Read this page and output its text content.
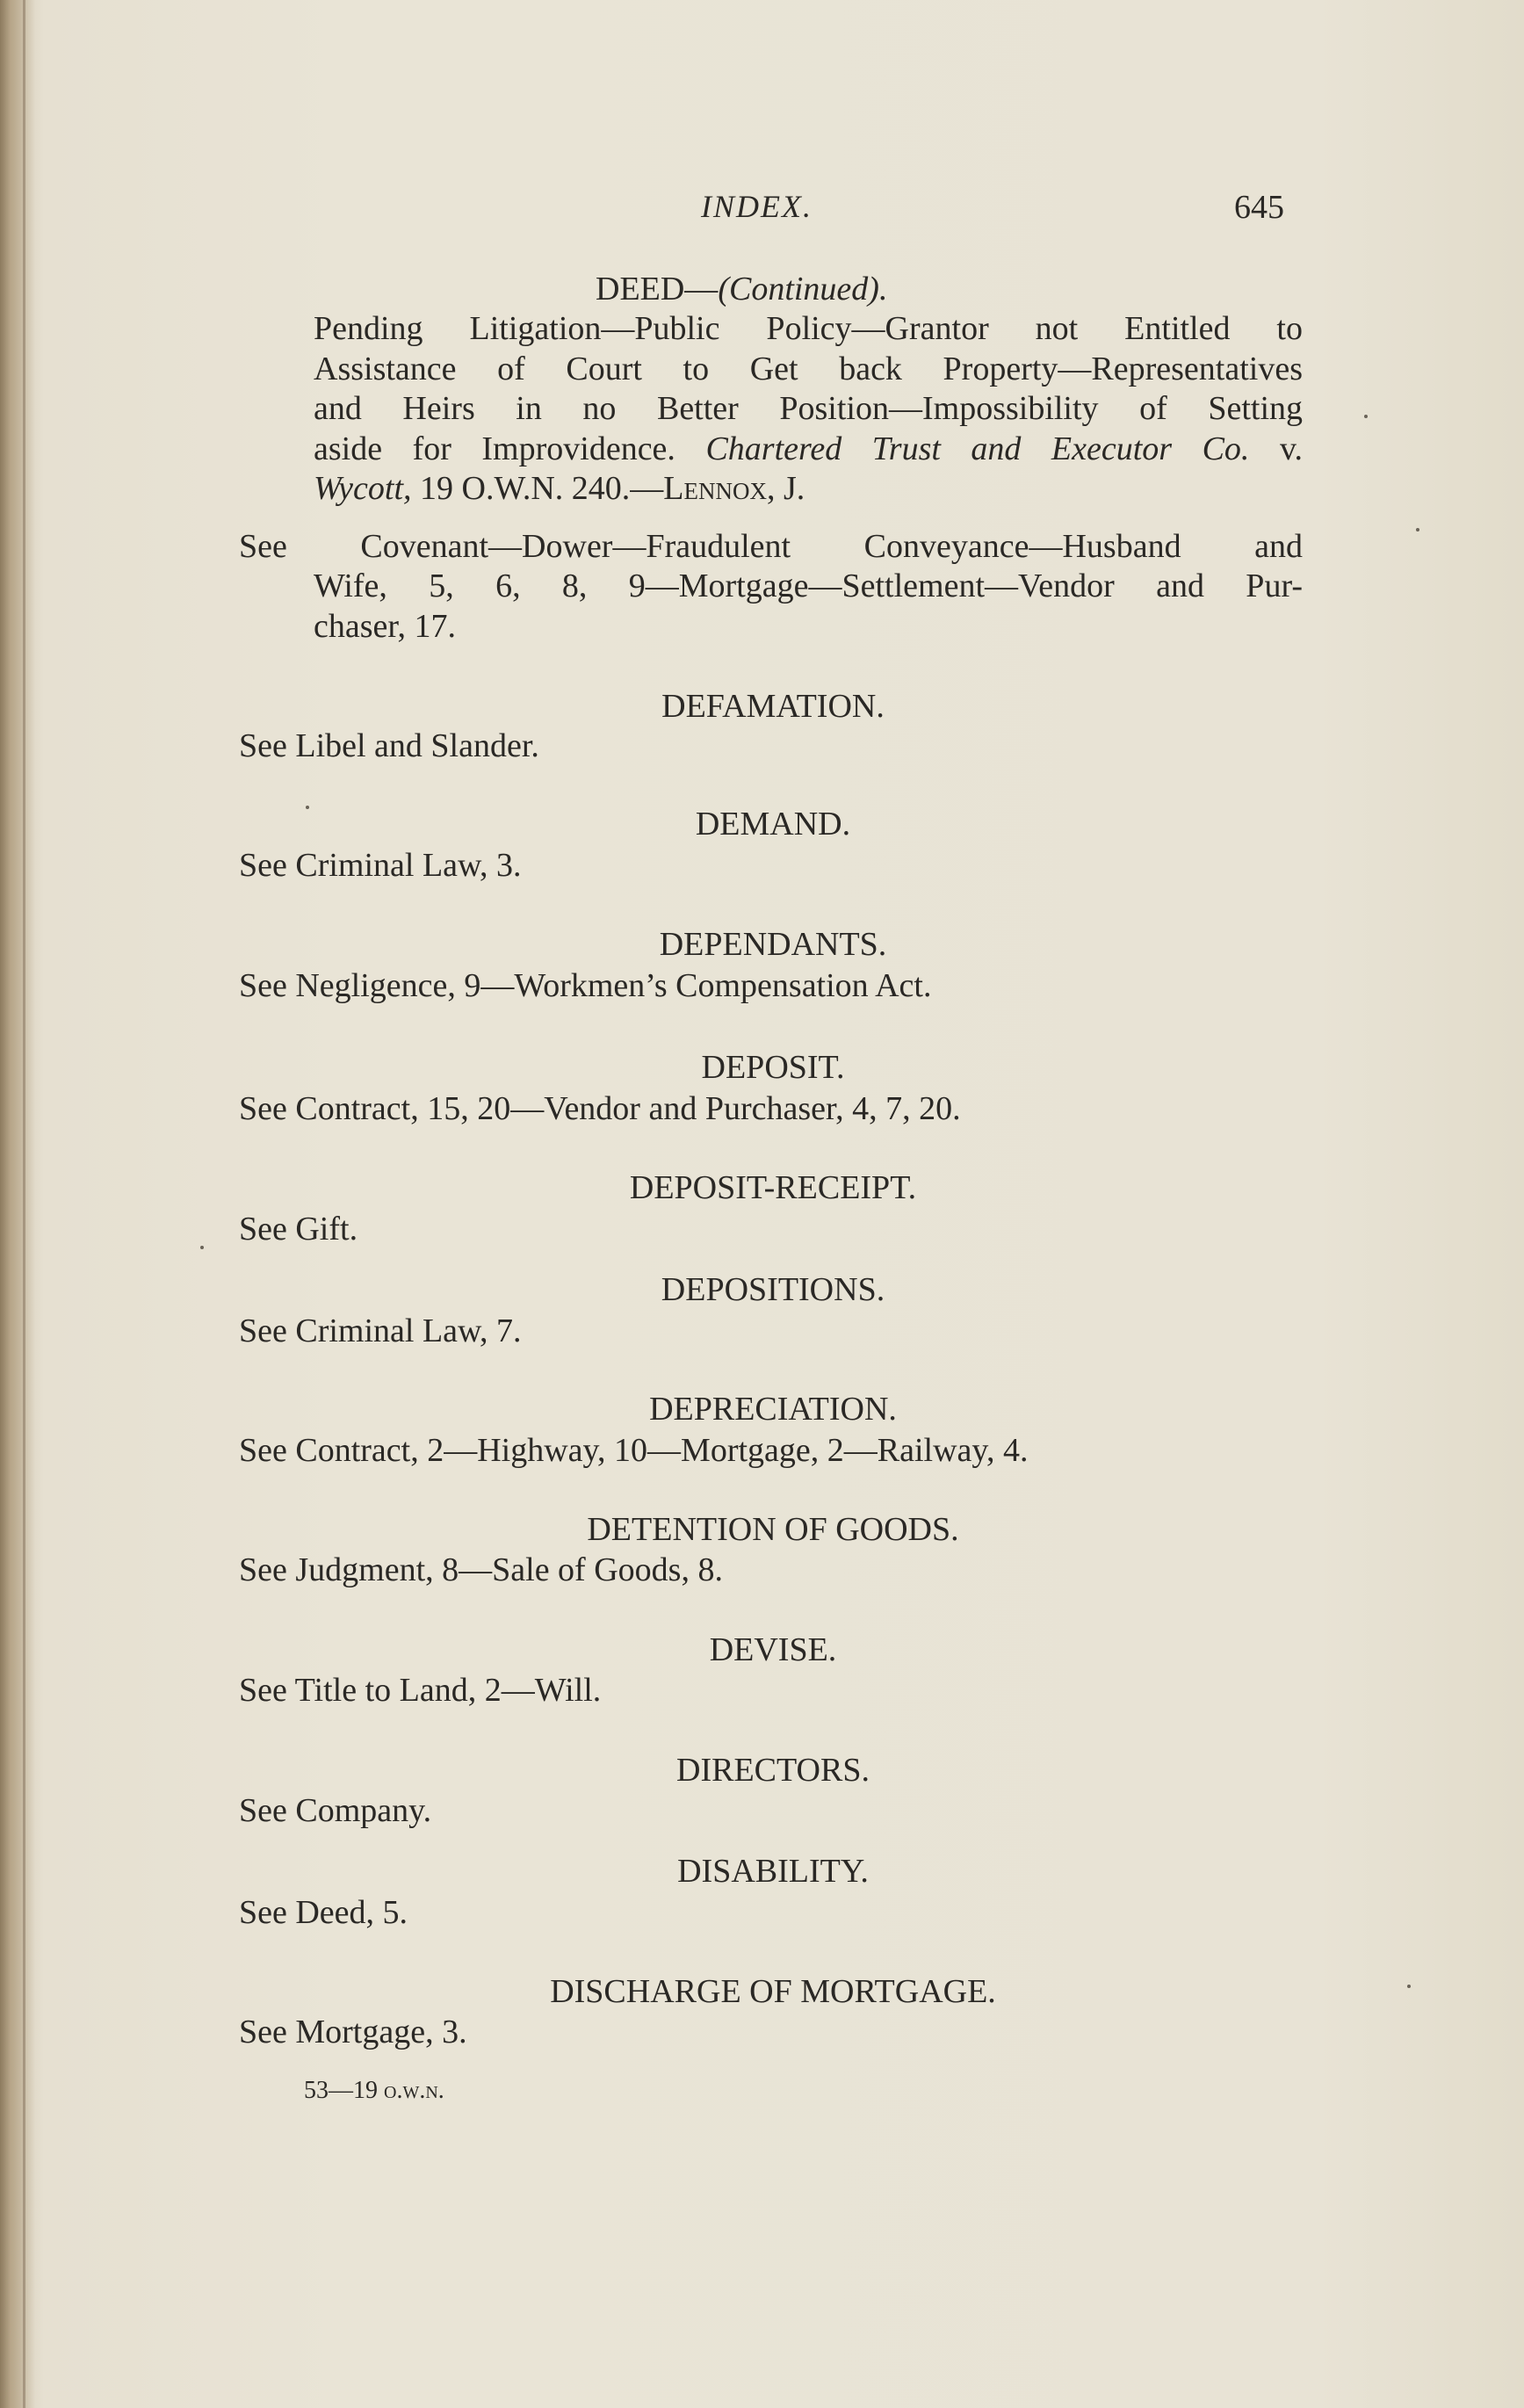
INDEX.	645
DEED—(Continued).
Pending Litigation—Public Policy—Grantor not Entitled to
Assistance of Court to Get back Property—Representatives
and Heirs in no Better Position—Impossibility of Setting
aside for Improvidence. Chartered Trust and Executor Co. v.
Wycott, 19 O.W.N. 240.—Lennox, J.
See Covenant—Dower—Fraudulent Conveyance—Husband and
Wife, 5, 6, 8, 9—Mortgage—Settlement—Vendor and Pur-
chaser, 17.
DEFAMATION.
See Libel and Slander.
DEMAND.
See Criminal Law, 3.
DEPENDANTS.
See Negligence, 9—Workmen’s Compensation Act.
DEPOSIT.
See Contract, 15, 20—Vendor and Purchaser, 4, 7, 20.
DEPOSIT-RECEIPT.
See Gift.
DEPOSITIONS.
See Criminal Law, 7.
DEPRECIATION.
See Contract, 2—Highway, 10—Mortgage, 2—Railway, 4.
DETENTION OF GOODS.
See Judgment, 8—Sale of Goods, 8.
DEVISE.
See Title to Land, 2—Will.
DIRECTORS.
See Company.
DISABILITY.
See Deed, 5.
DISCHARGE OF MORTGAGE.
See Mortgage, 3.
53—19 o.w.n.
